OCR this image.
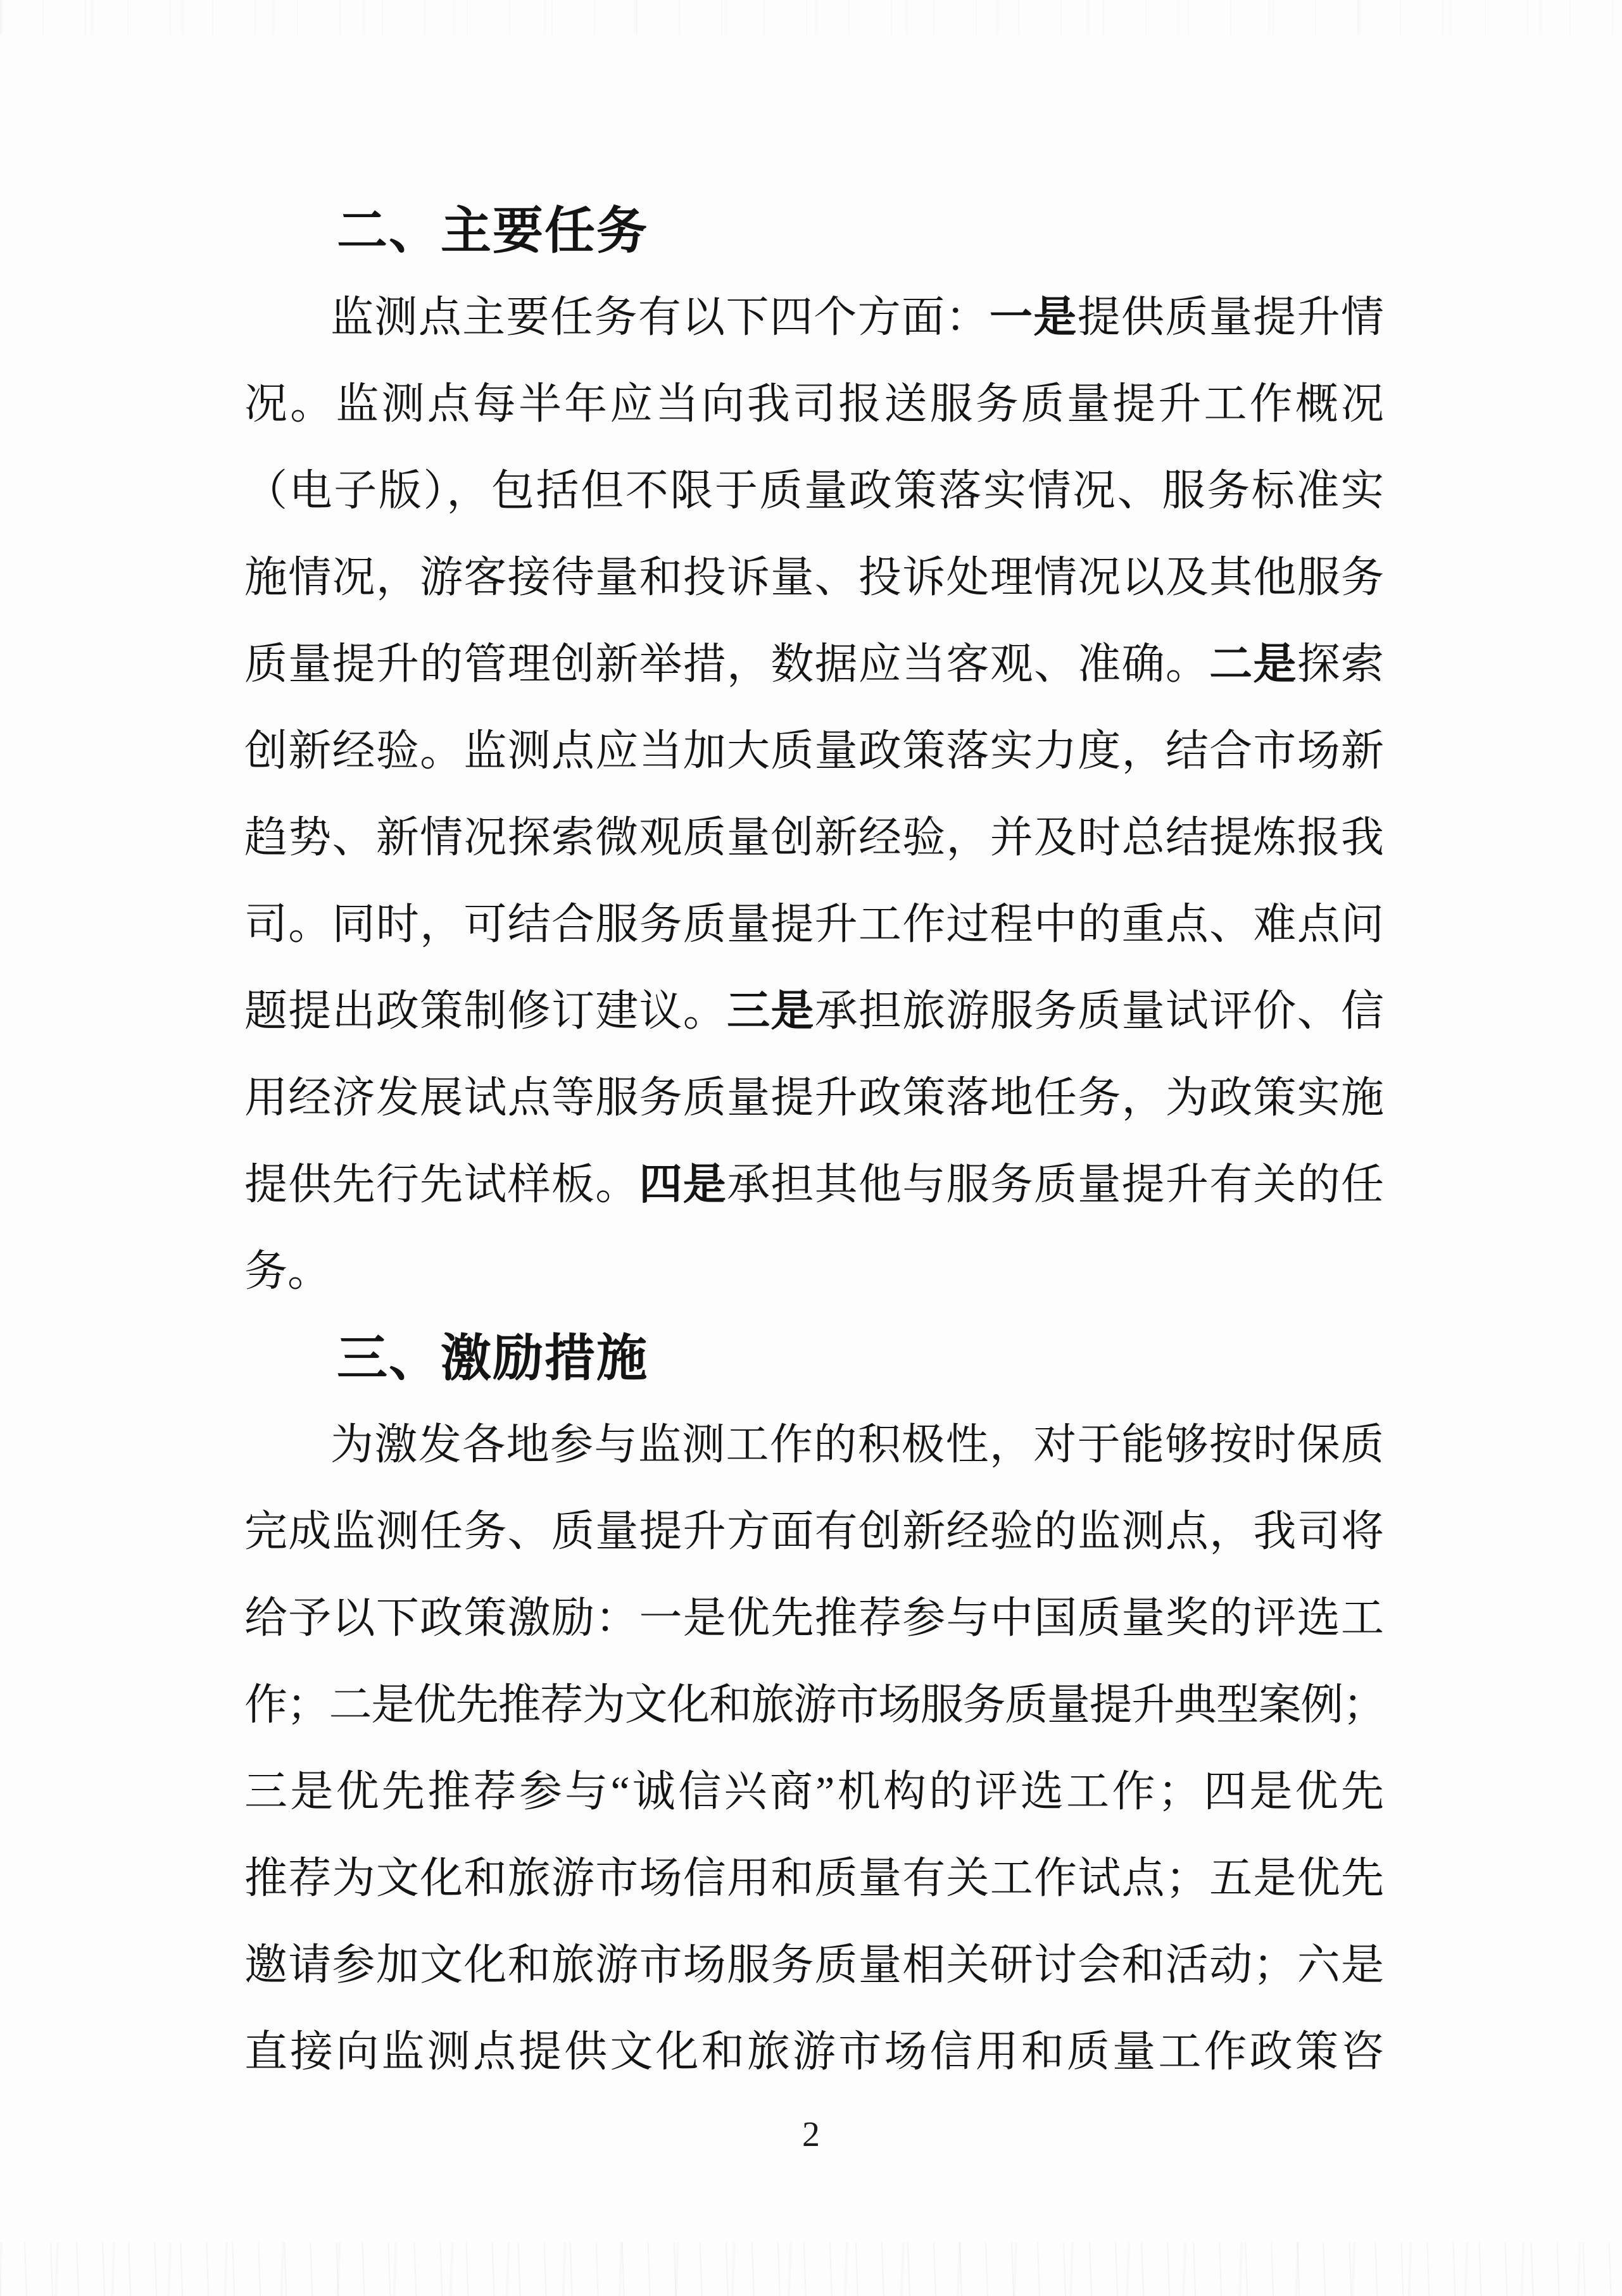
二、主要任务
监测点主要任务有以下四个方面：一是提供质量提升情
况。监测点每半年应当向我司报送服务质量提升工作概况
（电子版），包括但不限于质量政策落实情况、服务标准实
施情况，游客接待量和投诉量、投诉处理情况以及其他服务
质量提升的管理创新举措，数据应当客观、准确。二是探索
创新经验。监测点应当加大质量政策落实力度，结合市场新
趋势、新情况探索微观质量创新经验，并及时总结提炼报我
司。同时，可结合服务质量提升工作过程中的重点、难点问
题提出政策制修订建议。三是承担旅游服务质量试评价、信
用经济发展试点等服务质量提升政策落地任务，为政策实施
提供先行先试样板。四是承担其他与服务质量提升有关的任
务。
三、激励措施
为激发各地参与监测工作的积极性，对于能够按时保质
完成监测任务、质量提升方面有创新经验的监测点，我司将
给予以下政策激励：一是优先推荐参与中国质量奖的评选工
作；二是优先推荐为文化和旅游市场服务质量提升典型案例；
三是优先推荐参与“诚信兴商”机构的评选工作；四是优先
推荐为文化和旅游市场信用和质量有关工作试点；五是优先
邀请参加文化和旅游市场服务质量相关研讨会和活动；六是
直接向监测点提供文化和旅游市场信用和质量工作政策咨
2
